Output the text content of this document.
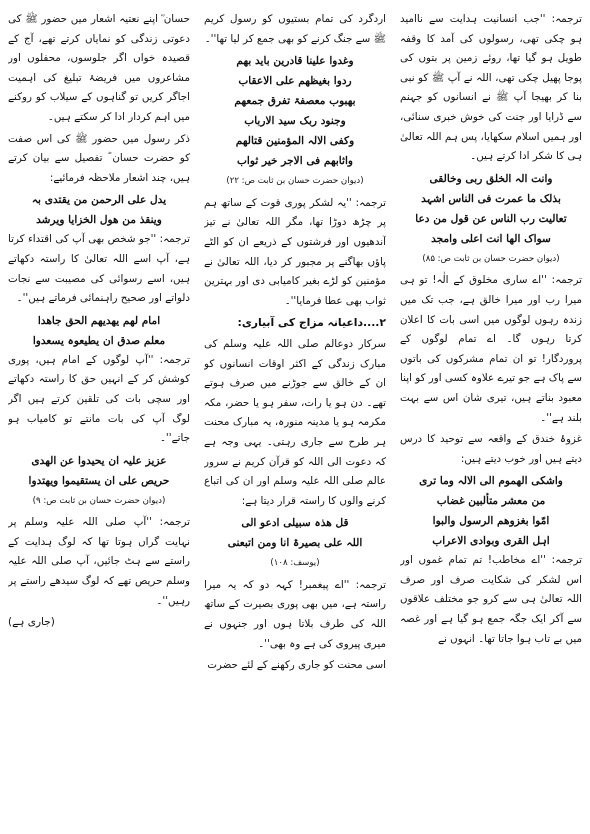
ترجمہ: ''جب انسانیت ہدایت سے ناامید ہو چکی تھی، رسولوں کی آمد کا وقفہ طویل ہو گیا تھا، روئے زمین پر بتوں کی پوجا پھیل چکی تھی، اللہ نے آپ ﷺ کو نبی بنا کر بھیجا آپ ﷺ نے انسانوں کو جہنم سے ڈرایا اور جنت کی خوش خبری سنائی، اور ہمیں اسلام سکھایا، پس ہم اللہ تعالیٰ ہی کا شکر ادا کرتے ہیں۔

وانت الہ الخلق ربی وخالقی

بذلک ما عمرت فی الناس اشہد

تعالیت رب الناس عن قول من دعا

سواک الھا انت اعلی وامجد

(دیوان حضرت حسان بن ثابت ص: ۸۵)

ترجمہ: ''اے ساری مخلوق کے الٰہ! تو ہی میرا رب اور میرا خالق ہے، جب تک میں زندہ رہوں لوگوں میں اسی بات کا اعلان کرتا رہوں گا۔ اے تمام لوگوں کے پروردگار! تو ان تمام مشرکوں کی باتوں سے پاک ہے جو تیرے علاوہ کسی اور کو اپنا معبود بناتے ہیں، تیری شان اس سے بہت بلند ہے''۔

غزوۂ خندق کے واقعہ سے توحید کا درس دیتے ہیں اور خوب دیتے ہیں:

واشکی الھموم الی الالہ وما تری

من معشر متألبین غضاب

امّوا بغزوھم الرسول والبوا

اہل القری وبوادی الاعراب

ترجمہ: ''اے مخاطب! تم تمام غموں اور اس لشکر کی شکایت صرف اور صرف اللہ تعالیٰ ہی سے کرو جو مختلف علاقوں سے آکر ایک جگہ جمع ہو گیا ہے اور غصہ میں بے تاب ہوا جاتا تھا۔ انہوں نے

اردگرد کی تمام بستیوں کو رسول کریم ﷺ سے جنگ کرنے کو بھی جمع کر لیا تھا''۔

وغدوا علینا قادرین باید بھم

ردوا بغیظھم علی الاعقاب

بھبوب معصفۃ تفرق جمعھم

وجنود ربک سید الارباب

وکفی الالہ المؤمنین قتالھم

واثابھم فی الاجر خیر ثواب

(دیوان حضرت حسان بن ثابت ص: ۲۲)

ترجمہ: ''یہ لشکر پوری قوت کے ساتھ ہم پر چڑھ دوڑا تھا، مگر اللہ تعالیٰ نے تیز آندھیوں اور فرشتوں کے ذریعے ان کو الٹے پاؤں بھاگنے پر مجبور کر دیا، اللہ تعالیٰ نے مؤمنین کو لڑے بغیر کامیابی دی اور بہترین ثواب بھی عطا فرمایا''۔

۲....داعیانہ مزاج کی آبیاری:

سرکار دوعالم صلی اللہ علیہ وسلم کی مبارک زندگی کے اکثر اوقات انسانوں کو ان کے خالق سے جوڑنے میں صرف ہوتے تھے۔ دن ہو یا رات، سفر ہو یا حضر، مکہ مکرمہ ہو یا مدینہ منورہ، یہ مبارک محنت ہر طرح سے جاری رہتی۔ یہی وجہ ہے کہ دعوت الی اللہ کو قرآن کریم نے سرور عالم صلی اللہ علیہ وسلم اور ان کی اتباع کرنے والوں کا راستہ قرار دیتا ہے:

قل ھذہ سبیلی ادعو الی

اللہ علی بصیرۃ انا ومن اتبعنی

(یوسف: ۱۰۸)

ترجمہ: ''اے پیغمبر! کہہ دو کہ یہ میرا راستہ ہے، میں بھی پوری بصیرت کے ساتھ اللہ کی طرف بلاتا ہوں اور جنہوں نے میری پیروی کی ہے وہ بھی''۔

اسی محنت کو جاری رکھنے کے لئے حضرت

حسان ؓ اپنے نعتیہ اشعار میں حضور ﷺ کی دعوتی زندگی کو نمایاں کرتے تھے، آج کے قصیدہ خواں اگر جلوسوں، محفلوں اور مشاعروں میں فریضۂ تبلیغ کی اہمیت اجاگر کریں تو گناہوں کے سیلاب کو روکنے میں اہم کردار ادا کر سکتے ہیں۔

ذکر رسول میں حضور ﷺ کی اس صفت کو حضرت حسان ؓ تفصیل سے بیان کرتے ہیں، چند اشعار ملاحظہ فرمائیے:

یدل علی الرحمن من یقتدی بہ

وینقذ من ھول الخزایا ویرشد

ترجمہ: ''جو شخص بھی آپ کی اقتداء کرتا ہے، آپ اسے اللہ تعالیٰ کا راستہ دکھاتے ہیں، اسے رسوائی کی مصیبت سے نجات دلواتے اور صحیح راہنمائی فرماتے ہیں''۔

امام لھم یھدیھم الحق جاھدا

معلم صدق ان یطیعوہ یسعدوا

ترجمہ: ''آپ لوگوں کے امام ہیں، پوری کوشش کر کے انہیں حق کا راستہ دکھاتے اور سچی بات کی تلقین کرتے ہیں اگر لوگ آپ کی بات مانتے تو کامیاب ہو جاتے''۔

عزیز علیہ ان یحیدوا عن الھدی

حریص علی ان یستقیموا ویھتدوا

(دیوان حضرت حسان بن ثابت ص: ۹)

ترجمہ: ''آپ صلی اللہ علیہ وسلم پر نہایت گراں ہوتا تھا کہ لوگ ہدایت کے راستے سے ہٹ جائیں، آپ صلی اللہ علیہ وسلم حریص تھے کہ لوگ سیدھے راستے پر رہیں''۔

(جاری ہے)
